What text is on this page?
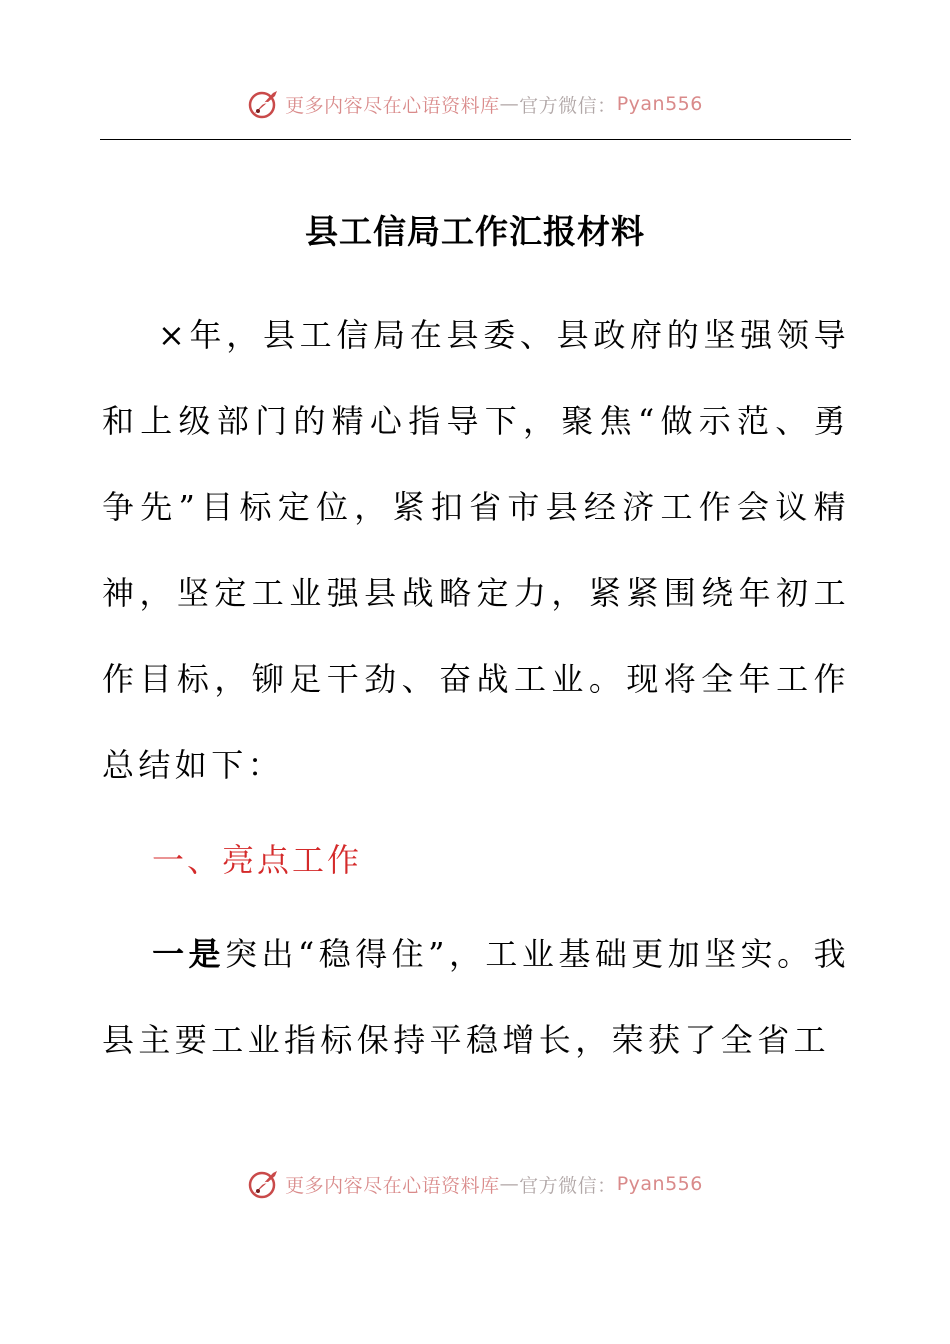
更多内容尽在心语资料库 — 官方微信： Pyan556
县工信局工作汇报材料
×年，县工信局在县委、县政府的坚强领导和上级部门的精心指导下，聚焦“做示范、勇争先”目标定位，紧扣省市县经济工作会议精神，坚定工业强县战略定力，紧紧围绕年初工作目标，铆足干劲、奋战工业。现将全年工作总结如下：
一、亮点工作
一是突出“稳得住”，工业基础更加坚实。我县主要工业指标保持平稳增长，荣获了全省工
更多内容尽在心语资料库 — 官方微信： Pyan556
